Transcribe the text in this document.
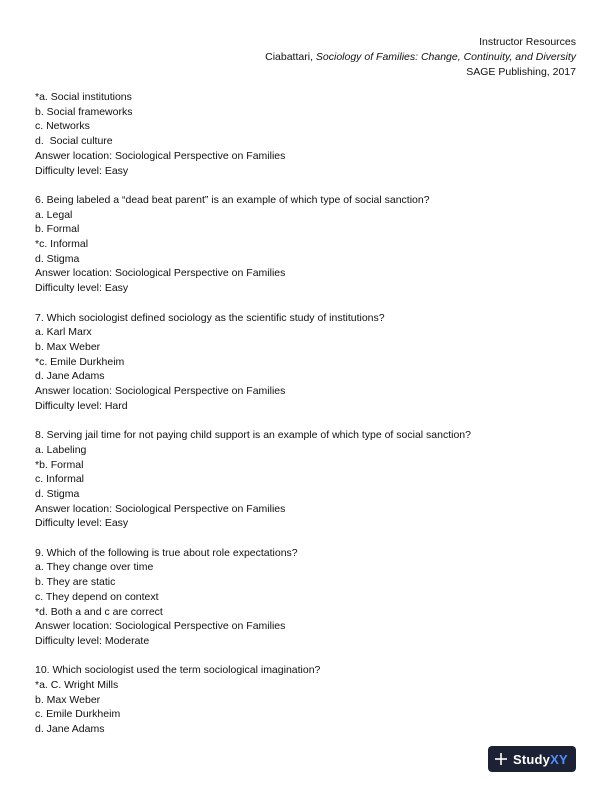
Instructor Resources
Ciabattari, Sociology of Families: Change, Continuity, and Diversity
SAGE Publishing, 2017
*a. Social institutions
b. Social frameworks
c. Networks
d.  Social culture
Answer location: Sociological Perspective on Families
Difficulty level: Easy
6. Being labeled a “dead beat parent” is an example of which type of social sanction?
a. Legal
b. Formal
*c. Informal
d. Stigma
Answer location: Sociological Perspective on Families
Difficulty level: Easy
7. Which sociologist defined sociology as the scientific study of institutions?
a. Karl Marx
b. Max Weber
*c. Emile Durkheim
d. Jane Adams
Answer location: Sociological Perspective on Families
Difficulty level: Hard
8. Serving jail time for not paying child support is an example of which type of social sanction?
a. Labeling
*b. Formal
c. Informal
d. Stigma
Answer location: Sociological Perspective on Families
Difficulty level: Easy
9. Which of the following is true about role expectations?
a. They change over time
b. They are static
c. They depend on context
*d. Both a and c are correct
Answer location: Sociological Perspective on Families
Difficulty level: Moderate
10. Which sociologist used the term sociological imagination?
*a. C. Wright Mills
b. Max Weber
c. Emile Durkheim
d. Jane Adams
StudyXY
